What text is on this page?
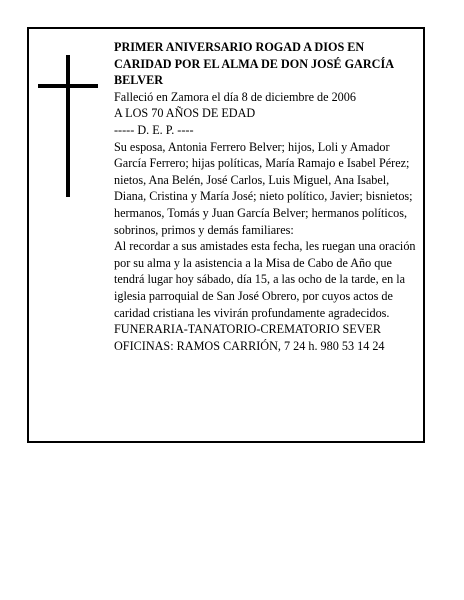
PRIMER ANIVERSARIO ROGAD A DIOS EN CARIDAD POR EL ALMA DE DON JOSÉ GARCÍA BELVER

Falleció en Zamora el día 8 de diciembre de 2006

A LOS 70 AÑOS DE EDAD

----- D. E. P. ----

Su esposa, Antonia Ferrero Belver; hijos, Loli y Amador García Ferrero; hijas políticas, María Ramajo e Isabel Pérez; nietos, Ana Belén, José Carlos, Luis Miguel, Ana Isabel, Diana, Cristina y María José; nieto político, Javier; bisnietos; hermanos, Tomás y Juan García Belver; hermanos políticos, sobrinos, primos y demás familiares:

Al recordar a sus amistades esta fecha, les ruegan una oración por su alma y la asistencia a la Misa de Cabo de Año que tendrá lugar hoy sábado, día 15, a las ocho de la tarde, en la iglesia parroquial de San José Obrero, por cuyos actos de caridad cristiana les vivirán profundamente agradecidos.

FUNERARIA-TANATORIO-CREMATORIO SEVER

OFICINAS: RAMOS CARRIÓN, 7 24 h. 980 53 14 24
